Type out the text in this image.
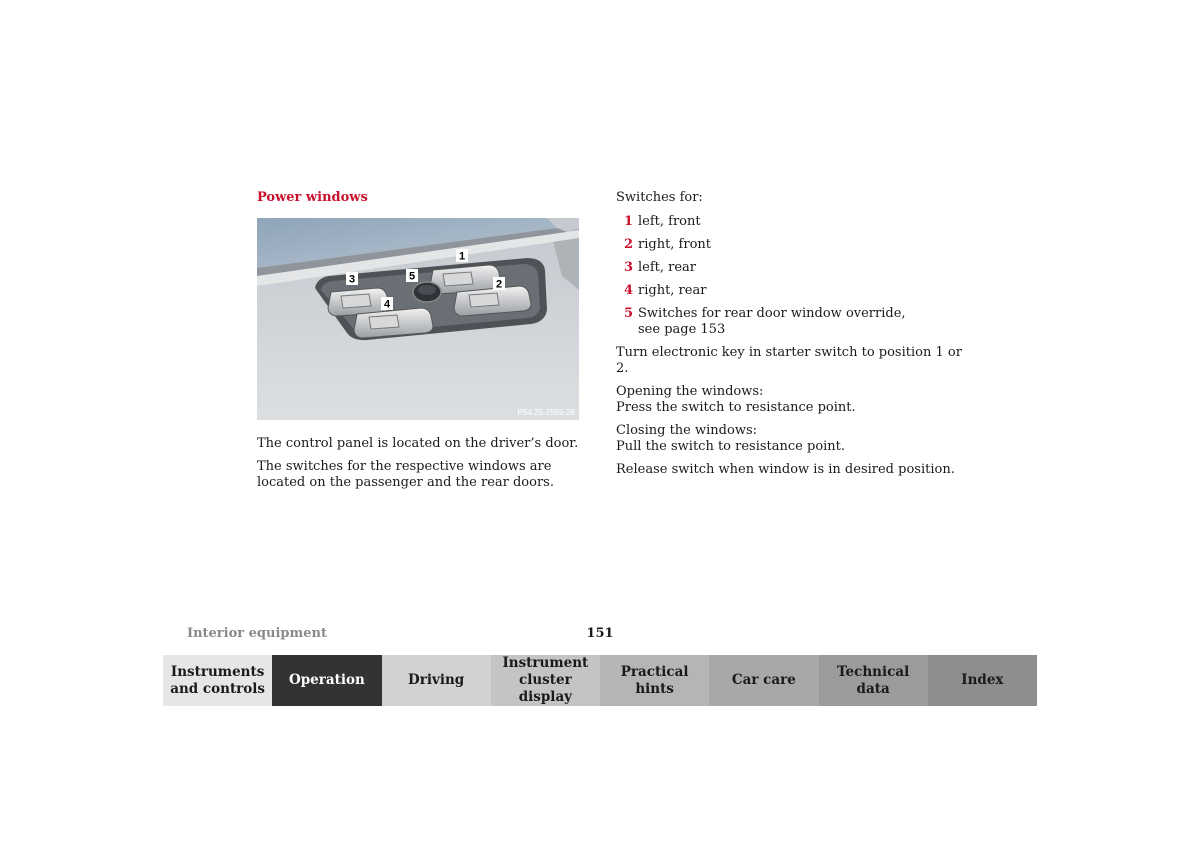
Power windows
1
2
3
4
5
P54.25-2565-26
The control panel is located on the driver’s door.
The switches for the respective windows are located on the passenger and the rear doors.
Switches for:
1 left, front
2 right, front
3 left, rear
4 right, rear
5 Switches for rear door window override,
see page 153
Turn electronic key in starter switch to position 1 or 2.
Opening the windows:
Press the switch to resistance point.
Closing the windows:
Pull the switch to resistance point.
Release switch when window is in desired position.
Interior equipment	151
Instruments
and controls
Operation	Driving
Instrument
cluster display
Practical hints
Car care
Technical
data
Index
